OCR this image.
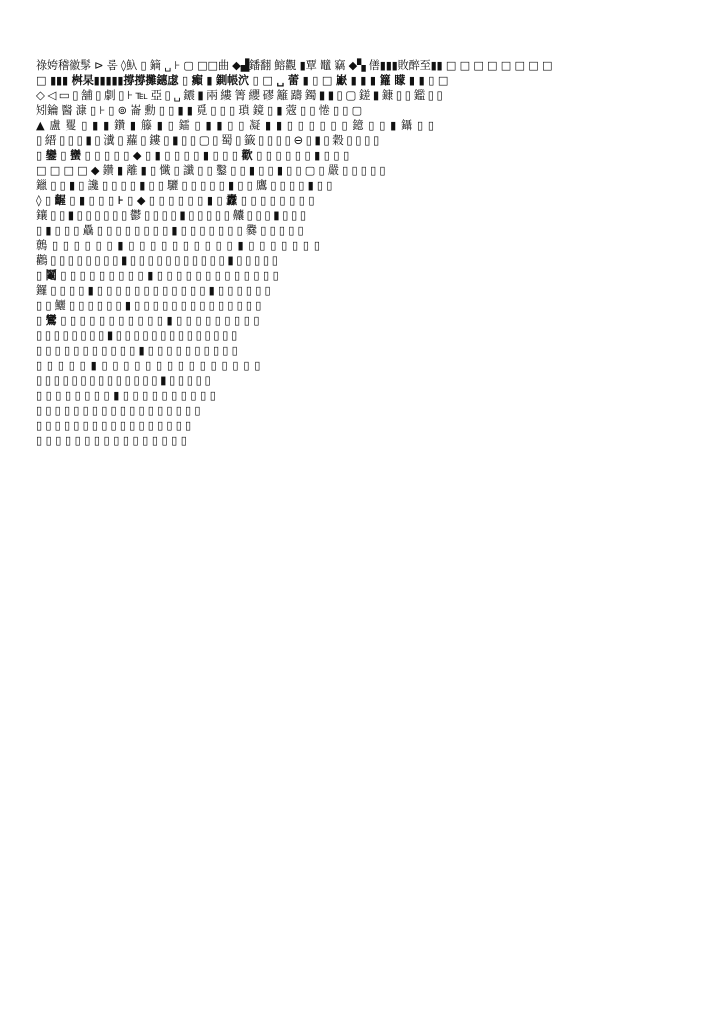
祿姱稽徽髳 ⊳ 롬 ◊魞 ▯ 鏑 ␣ ⊦ ▢ □□曲 ◆▟鐇翻 鰫觀 ▮覃 鼊 竊 ◆▚ 僐▮▮▮敗醉至▮▮ □ □ □ □ □ □ □ □
□ ▮▮▮ 桝杲▮▮▮▮▮撐撐攤鏸虙 ▯ 癲 ▮ 鍘帳泬 ▯ □ ␣ 蕾 ▮ ▯ □ 巚 ▮ ▮ ▮ 籮 矇 ▮ ▮ ▯ □
◇ ◁ ▭ ▯ 舖 ▯ 劇 ▯ ⊦ ℡ 亞 ▯ ␣ 𨯂 ▮ 兩 縷 箐 纓 磟 籬 躊 鐲 ▮ ▮ ▯ ▢ 鎈 ▮ 鏮 ▯ ▯ 鑑 ▯ ▯
矧鑰 醫 漮 ▯ ⊦ ▯ ⊚ 崙 勳 ▯ ▯ ▮ ▮ 覓 ▯ ▯ ▯ 瑣 鏡 ▯ ▮ 蔲 ▯ ▯ 惓 ▯ ▯ ▢
▲ 盧 矍 ▯ ▮ ▮ 鑽 ▮ 籐 ▮ ▯ 鐳 ▯ ▮ ▮ ▯ ▯ 凝 ▮ ▮ ▯ ▯ ▯ ▯ ▯ ▯ 鐿 ▯ ▯ ▮ 鑷 ▯ ▯
▯ 縉 ▯ ▯ ▯ ▮ ▯ 瀵 ▯ 蘿 ▯ 鏤 ▯ ▮ ▯ ▯ ▢ ▯ 蜀 ▯ 籤 ▯ ▯ ▯ ▯ ⊖ ▯ ▮ ▯ 穀 ▯ ▯ ▯ ▯
▯ 鑾 ▯ 蠻 ▯ ▯ ▯ ▯ ▯ ◆ ▯ ▮ ▯ ▯ ▯ ▯ ▮ ▯ ▯ ▯ 歡 ▯ ▯ ▯ ▯ ▯ ▯ ▮ ▯ ▯ ▯
□ □ □ □ ◆ 鑽 ▮ 離 ▮ ▯ 懺 ▯ 讖 ▯ ▯ 鑿 ▯ ▯ ▮ ▯ ▯ ▮ ▯ ▯ ▢ ▯ 嚴 ▯ ▯ ▯ ▯ ▯
鑞 ▯ ▯ ▮ ▯ 讒 ▯ ▯ ▯ ▯ ▮ ▯ ▯ 驪 ▯ ▯ ▯ ▯ ▯ ▮ ▯ ▯ 鷹 ▯ ▯ ▯ ▯ ▮ ▯ ▯
◊ ▯ 齷 ▯ ▮ ▯ ▯ ▯ ⊦ ▯ ◆ ▯ ▯ ▯ ▯ ▯ ▯ ▮ ▯ 纛 ▯ ▯ ▯ ▯ ▯ ▯ ▯ ▯
鑲 ▯ ▯ ▮ ▯ ▯ ▯ ▯ ▯ ▯ 鬱 ▯ ▯ ▯ ▯ ▮ ▯ ▯ ▯ ▯ ▯ 齉 ▯ ▯ ▯ ▮ ▯ ▯ ▯
▯ ▮ ▯ ▯ ▯ 驫 ▯ ▯ ▯ ▯ ▯ ▯ ▯ ▯ ▮ ▯ ▯ ▯ ▯ ▯ ▯ ▯ 爨 ▯ ▯ ▯ ▯ ▯
鷯 ▯ ▯ ▯ ▯ ▯ ▯ ▮ ▯ ▯ ▯ ▯ ▯ ▯ ▯ ▯ ▯ ▯ ▮ ▯ ▯ ▯ ▯ ▯ ▯ ▯
鸛 ▯ ▯ ▯ ▯ ▯ ▯ ▯ ▯ ▮ ▯ ▯ ▯ ▯ ▯ ▯ ▯ ▯ ▯ ▯ ▯ ▮ ▯ ▯ ▯ ▯ ▯
▯ 鬮 ▯ ▯ ▯ ▯ ▯ ▯ ▯ ▯ ▯ ▮ ▯ ▯ ▯ ▯ ▯ ▯ ▯ ▯ ▯ ▯ ▯ ▯ ▯
鑼 ▯ ▯ ▯ ▯ ▮ ▯ ▯ ▯ ▯ ▯ ▯ ▯ ▯ ▯ ▯ ▯ ▯ ▮ ▯ ▯ ▯ ▯ ▯ ▯
▯ ▯ 鱺 ▯ ▯ ▯ ▯ ▯ ▯ ▮ ▯ ▯ ▯ ▯ ▯ ▯ ▯ ▯ ▯ ▯ ▯ ▯ ▯ ▯
▯ 鸞 ▯ ▯ ▯ ▯ ▯ ▯ ▯ ▯ ▯ ▯ ▯ ▮ ▯ ▯ ▯ ▯ ▯ ▯ ▯ ▯ ▯
▯ ▯ ▯ ▯ ▯ ▯ ▯ ▯ ▮ ▯ ▯ ▯ ▯ ▯ ▯ ▯ ▯ ▯ ▯ ▯ ▯ ▯ ▯
▯ ▯ ▯ ▯ ▯ ▯ ▯ ▯ ▯ ▯ ▯ ▮ ▯ ▯ ▯ ▯ ▯ ▯ ▯ ▯ ▯ ▯
▯ ▯ ▯ ▯ ▯ ▮ ▯ ▯ ▯ ▯ ▯ ▯ ▯ ▯ ▯ ▯ ▯ ▯ ▯ ▯ ▯
▯ ▯ ▯ ▯ ▯ ▯ ▯ ▯ ▯ ▯ ▯ ▯ ▯ ▯ ▮ ▯ ▯ ▯ ▯ ▯
▯ ▯ ▯ ▯ ▯ ▯ ▯ ▯ ▮ ▯ ▯ ▯ ▯ ▯ ▯ ▯ ▯ ▯ ▯
▯ ▯ ▯ ▯ ▯ ▯ ▯ ▯ ▯ ▯ ▯ ▯ ▯ ▯ ▯ ▯ ▯ ▯
▯ ▯ ▯ ▯ ▯ ▯ ▯ ▯ ▯ ▯ ▯ ▯ ▯ ▯ ▯ ▯ ▯
▯ ▯ ▯ ▯ ▯ ▯ ▯ ▯ ▯ ▯ ▯ ▯ ▯ ▯ ▯ ▯
